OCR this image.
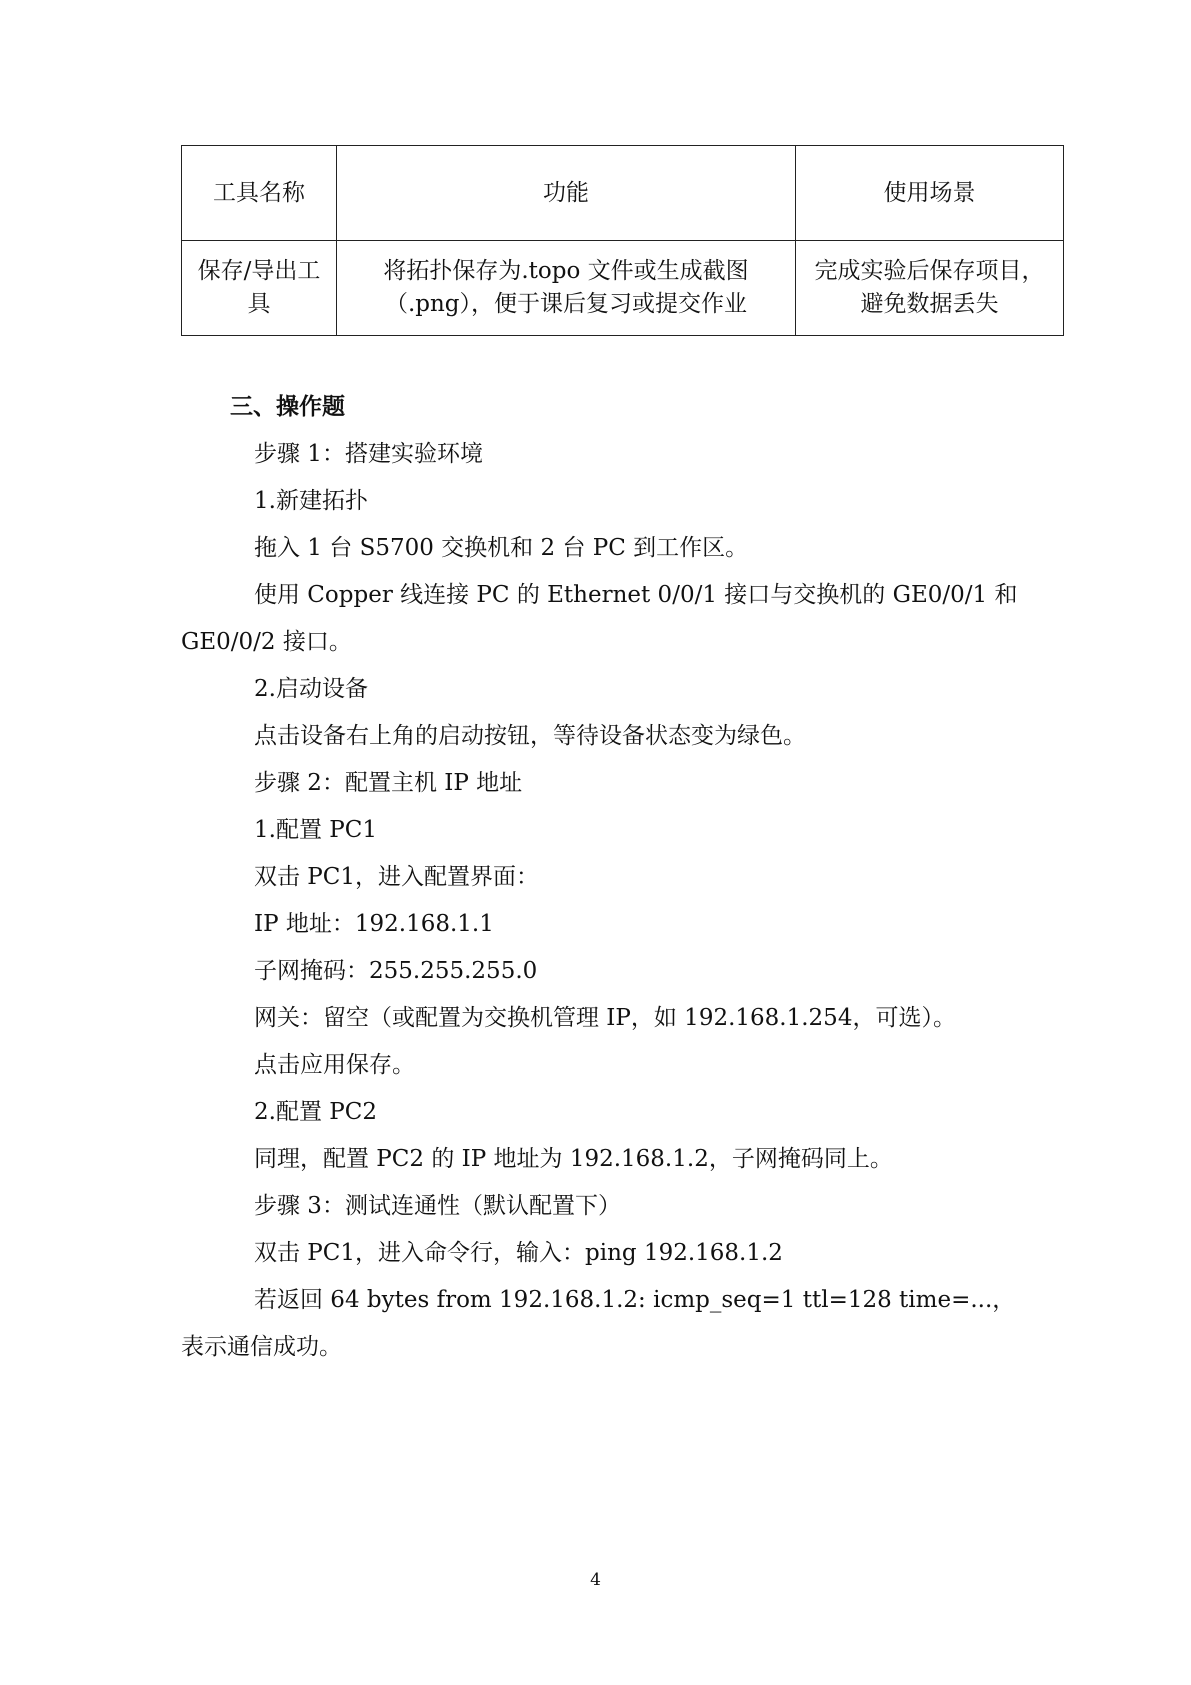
工具名称	功能	使用场景
保存/导出工具	将拓扑保存为.topo 文件或生成截图（.png），便于课后复习或提交作业	完成实验后保存项目，避免数据丢失
三、操作题
步骤 1：搭建实验环境
1.新建拓扑
拖入 1 台 S5700 交换机和 2 台 PC 到工作区。
使用 Copper 线连接 PC 的 Ethernet 0/0/1 接口与交换机的 GE0/0/1 和
GE0/0/2 接口。
2.启动设备
点击设备右上角的启动按钮，等待设备状态变为绿色。
步骤 2：配置主机 IP 地址
1.配置 PC1
双击 PC1，进入配置界面：
IP 地址：192.168.1.1
子网掩码：255.255.255.0
网关：留空（或配置为交换机管理 IP，如 192.168.1.254，可选）。
点击应用保存。
2.配置 PC2
同理，配置 PC2 的 IP 地址为 192.168.1.2，子网掩码同上。
步骤 3：测试连通性（默认配置下）
双击 PC1，进入命令行，输入：ping 192.168.1.2
若返回 64 bytes from 192.168.1.2: icmp_seq=1 ttl=128 time=...，
表示通信成功。
4
